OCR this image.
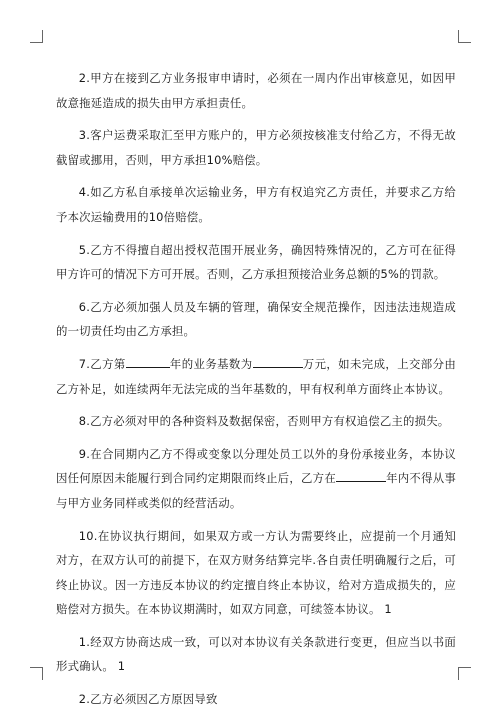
2.甲方在接到乙方业务报审申请时，必须在一周内作出审核意见，如因甲故意拖延造成的损失由甲方承担责任。

3.客户运费采取汇至甲方账户的，甲方必须按核准支付给乙方，不得无故截留或挪用，否则，甲方承担10%赔偿。

4.如乙方私自承接单次运输业务，甲方有权追究乙方责任，并要求乙方给予本次运输费用的10倍赔偿。

5.乙方不得擅自超出授权范围开展业务，确因特殊情况的，乙方可在征得甲方许可的情况下方可开展。否则，乙方承担预接洽业务总额的5%的罚款。

6.乙方必须加强人员及车辆的管理，确保安全规范操作，因违法违规造成的一切责任均由乙方承担。

7.乙方第	年的业务基数为	万元，如未完成，上交部分由乙方补足，如连续两年无法完成的当年基数的，甲有权利单方面终止本协议。

8.乙方必须对甲的各种资料及数据保密，否则甲方有权追偿乙主的损失。

9.在合同期内乙方不得或变象以分理处员工以外的身份承接业务，本协议因任何原因未能履行到合同约定期限而终止后，乙方在	年内不得从事与甲方业务同样或类似的经营活动。

10.在协议执行期间，如果双方或一方认为需要终止，应提前一个月通知对方，在双方认可的前提下，在双方财务结算完毕.各自责任明确履行之后，可终止协议。因一方违反本协议的约定擅自终止本协议，给对方造成损失的，应赔偿对方损失。在本协议期满时，如双方同意，可续签本协议。 1

1.经双方协商达成一致，可以对本协议有关条款进行变更，但应当以书面形式确认。 1

2.乙方必须因乙方原因导致
